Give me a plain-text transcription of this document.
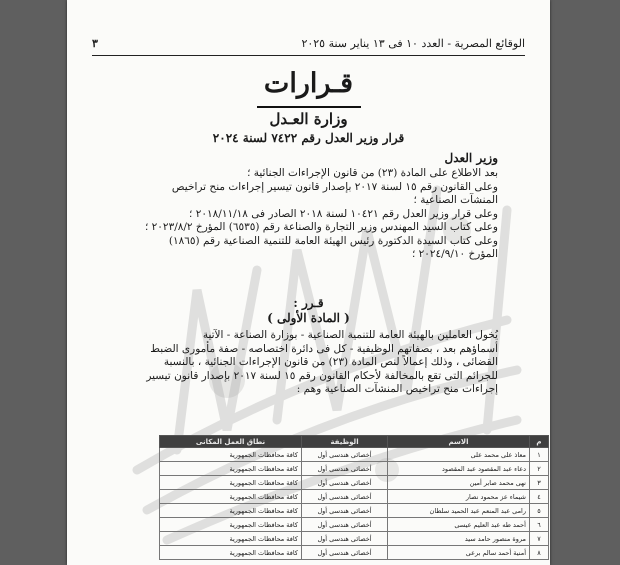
الوقائع المصرية - العدد ١٠ فى ١٣ يناير سنة ٢٠٢٥
٣
قـرارات
وزارة العـدل
قرار وزير العدل رقم ٧٤٢٢ لسنة ٢٠٢٤
وزير العدل

بعد الاطلاع على المادة (٢٣) من قانون الإجراءات الجنائية ؛

وعلى القانون رقم ١٥ لسنة ٢٠١٧ بإصدار قانون تيسير إجراءات منح تراخيص

المنشآت الصناعية ؛

وعلى قرار وزير العدل رقم ١٠٤٢١ لسنة ٢٠١٨ الصادر فى ٢٠١٨/١١/١٨ ؛

وعلى كتاب السيد المهندس وزير التجارة والصناعة رقم (٦٥٣٥) المؤرخ ٢٠٢٣/٨/٢ ؛

وعلى كتاب السيدة الدكتورة رئيس الهيئة العامة للتنمية الصناعية رقم (١٨٦٥)

المؤرخ ٢٠٢٤/٩/١٠ ؛

قـرر :
( المادة الأولى )

يُخول العاملين بالهيئة العامة للتنمية الصناعية - بوزارة الصناعة - الآتية

أسماؤهم بعد ، بصفاتهم الوظيفية - كل فى دائرة اختصاصه - صفة مأمورى الضبط

القضائى ، وذلك إعمالاً لنص المادة (٢٣) من قانون الإجراءات الجنائية ، بالنسبة

للجرائم التى تقع بالمخالفة لأحكام القانون رقم ١٥ لسنة ٢٠١٧ بإصدار قانون تيسير

إجراءات منح تراخيص المنشآت الصناعية وهم :

م	الاسم	الوظيفة	نطاق العمل المكانى
١	معاذ على محمد على	أخصائى هندسى أول	كافة محافظات الجمهورية
٢	دعاء عبد المقصود عبد المقصود	أخصائى هندسى أول	كافة محافظات الجمهورية
٣	نهى محمد صابر أمين	أخصائى هندسى أول	كافة محافظات الجمهورية
٤	شيماء عز محمود نصار	أخصائى هندسى أول	كافة محافظات الجمهورية
٥	رامى عبد المنعم عبد الحميد سلطان	أخصائى هندسى أول	كافة محافظات الجمهورية
٦	أحمد طه عبد العليم عيسى	أخصائى هندسى أول	كافة محافظات الجمهورية
٧	مروة منصور حامد سيد	أخصائى هندسى أول	كافة محافظات الجمهورية
٨	أمنية أحمد سالم برعى	أخصائى هندسى أول	كافة محافظات الجمهورية
